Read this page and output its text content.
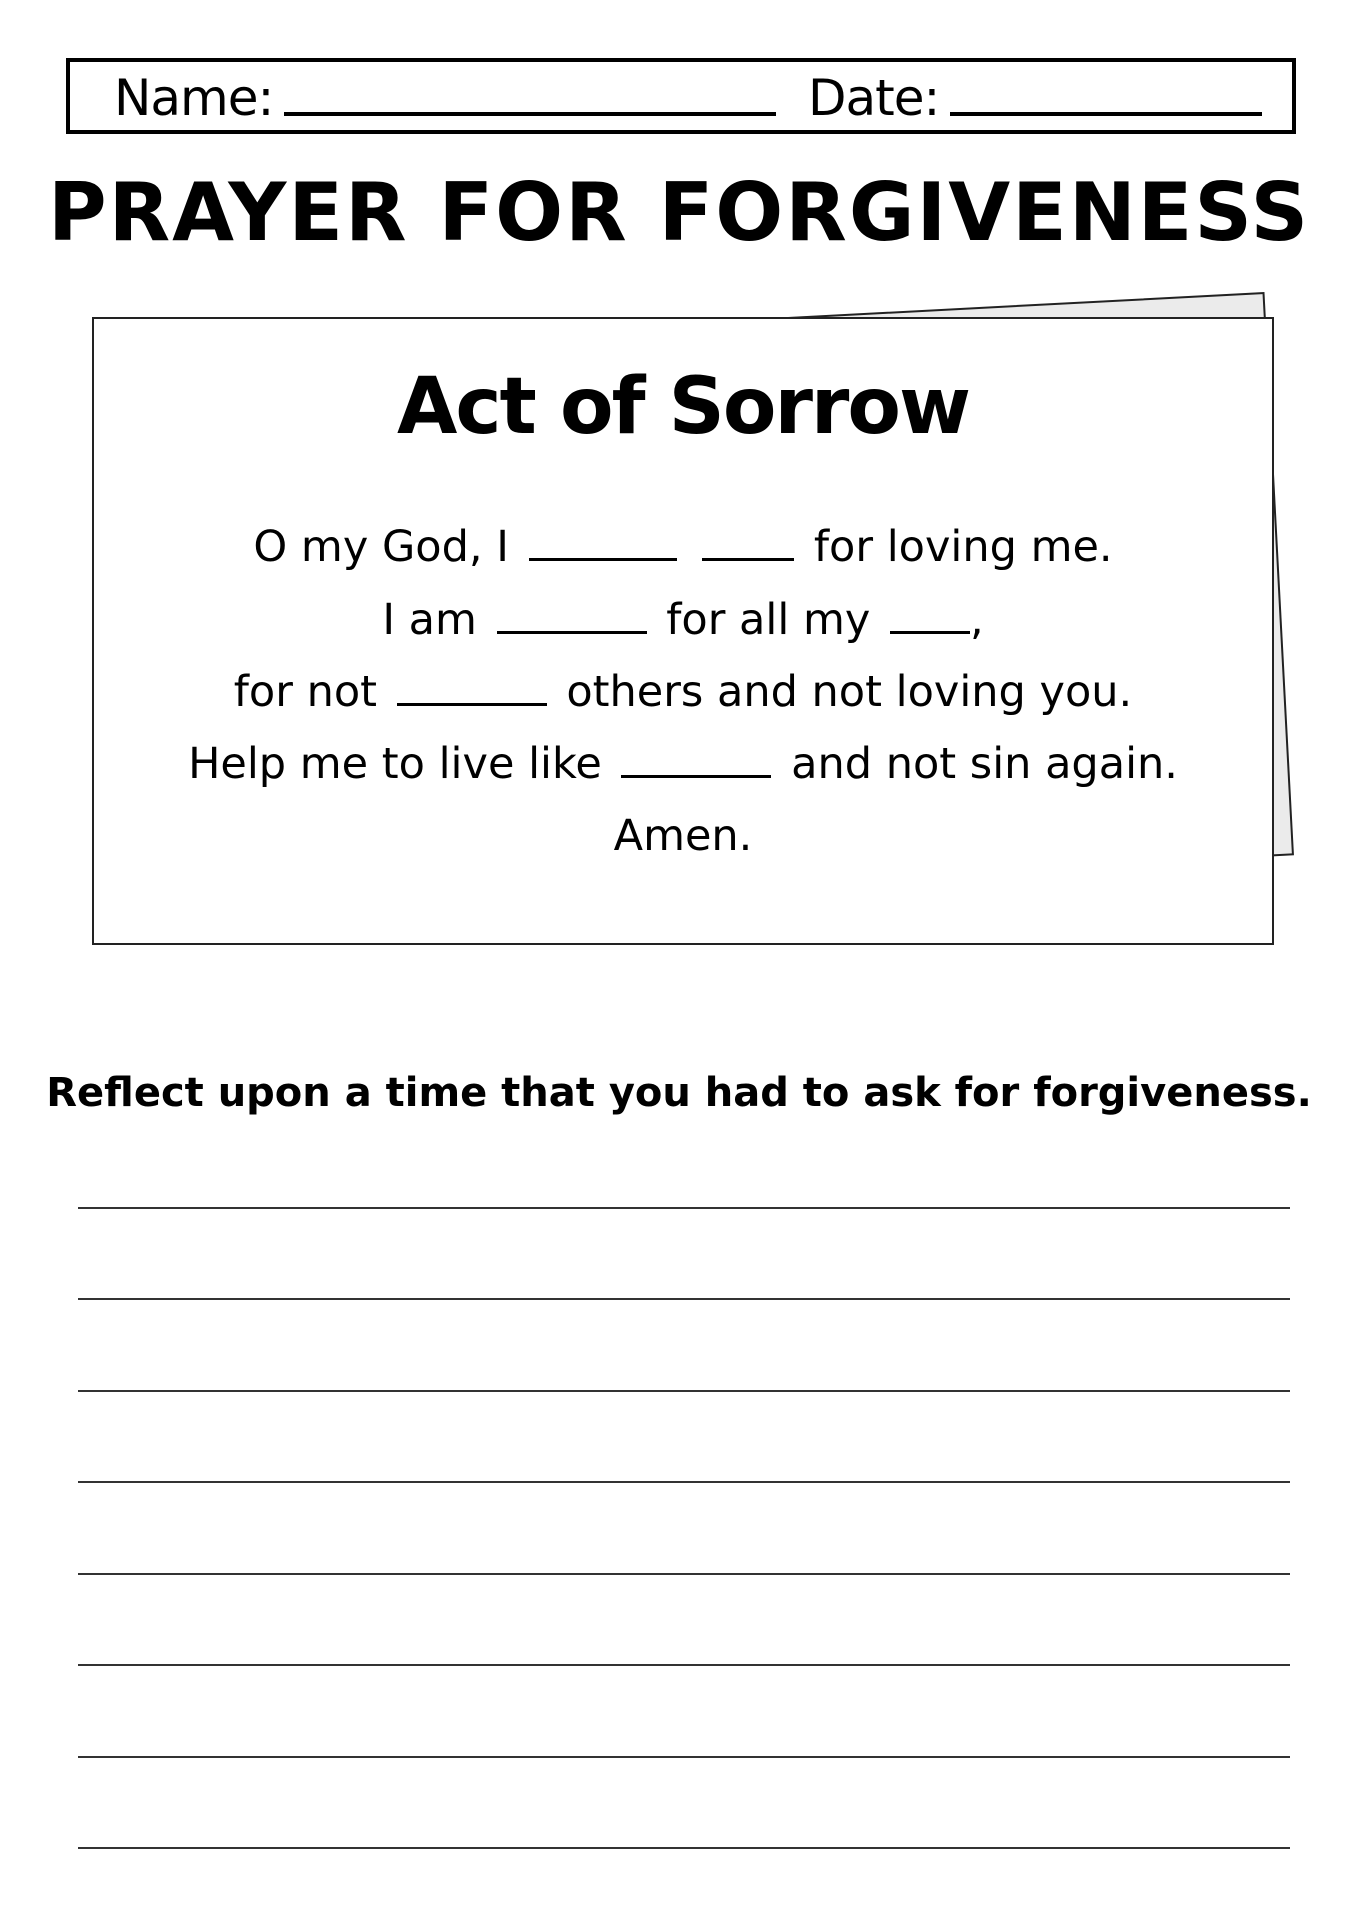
Name:	Date:
PRAYER FOR FORGIVENESS
Act of Sorrow
O my God, I	for loving me.
I am	for all my ,
for not	others and not loving you.
Help me to live like	and not sin again.
Amen.
Reflect upon a time that you had to ask for forgiveness.
